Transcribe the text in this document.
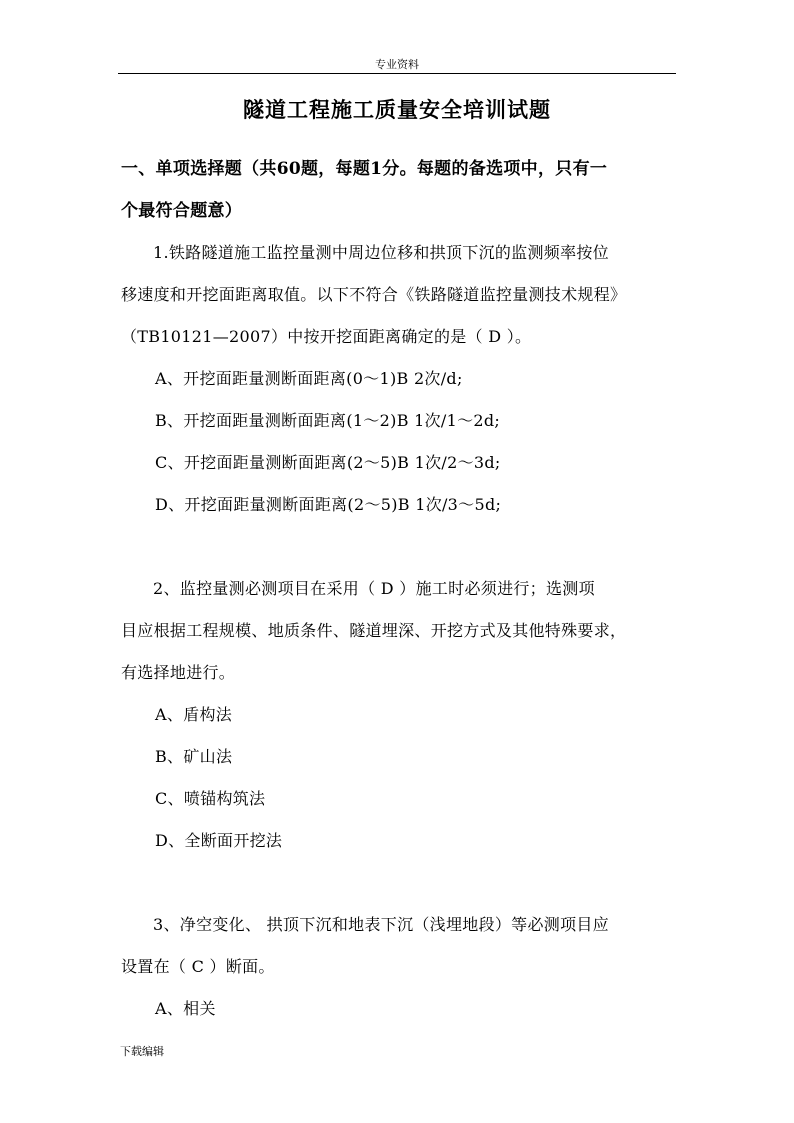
专业资料
隧道工程施工质量安全培训试题
一、单项选择题（共60题，每题1分。每题的备选项中，只有一
个最符合题意）
1.铁路隧道施工监控量测中周边位移和拱顶下沉的监测频率按位
移速度和开挖面距离取值。以下不符合《铁路隧道监控量测技术规程》
（TB10121—2007）中按开挖面距离确定的是（ D ）。
A、开挖面距量测断面距离(0～1)B 2次/d;
B、开挖面距量测断面距离(1～2)B 1次/1～2d;
C、开挖面距量测断面距离(2～5)B 1次/2～3d;
D、开挖面距量测断面距离(2～5)B 1次/3～5d;
2、监控量测必测项目在采用（ D ）施工时必须进行；选测项
目应根据工程规模、地质条件、隧道埋深、开挖方式及其他特殊要求，
有选择地进行。
A、盾构法
B、矿山法
C、喷锚构筑法
D、全断面开挖法
3、净空变化、 拱顶下沉和地表下沉（浅埋地段）等必测项目应
设置在（ C ）断面。
A、相关
下载编辑
